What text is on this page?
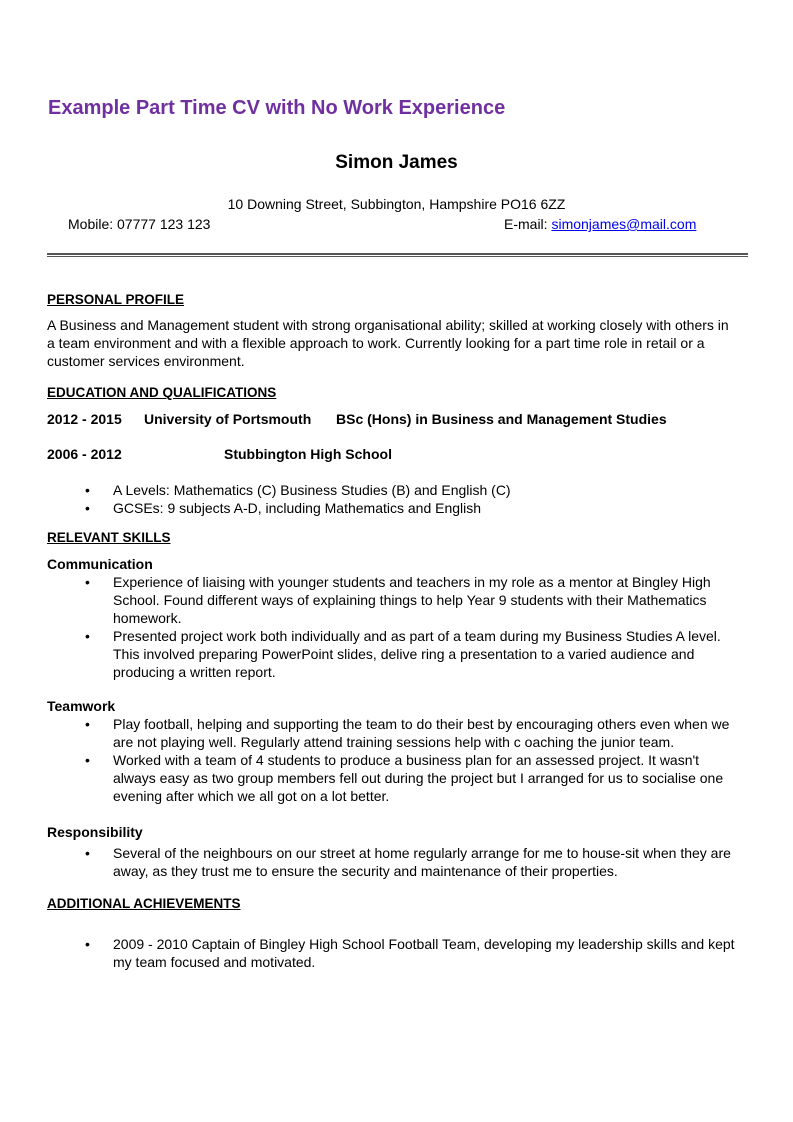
Example Part Time CV with No Work Experience
Simon James
10 Downing Street, Subbington, Hampshire PO16 6ZZ
Mobile: 07777 123 123	E-mail: simonjames@mail.com
PERSONAL PROFILE

A Business and Management student with strong organisational ability; skilled at working closely with others in a team environment and with a flexible approach to work. Currently looking for a part time role in retail or a customer services environment.

EDUCATION AND QUALIFICATIONS
2012 - 2015 University of Portsmouth BSc (Hons) in Business and Management Studies
2006 - 2012	Stubbington High School
• A Levels: Mathematics (C) Business Studies (B) and English (C)
• GCSEs: 9 subjects A-D, including Mathematics and English
RELEVANT SKILLS
Communication
• Experience of liaising with younger students and teachers in my role as a mentor at Bingley High School. Found different ways of explaining things to help Year 9 students with their Mathematics homework.
• Presented project work both individually and as part of a team during my Business Studies A level. This involved preparing PowerPoint slides, delive ring a presentation to a varied audience and producing a written report.
Teamwork
• Play football, helping and supporting the team to do their best by encouraging others even when we are not playing well. Regularly attend training sessions help with c oaching the junior team.
• Worked with a team of 4 students to produce a business plan for an assessed project. It wasn't always easy as two group members fell out during the project but I arranged for us to socialise one evening after which we all got on a lot better.
Responsibility
• Several of the neighbours on our street at home regularly arrange for me to house-sit when they are away, as they trust me to ensure the security and maintenance of their properties.
ADDITIONAL ACHIEVEMENTS
• 2009 - 2010 Captain of Bingley High School Football Team, developing my leadership skills and kept my team focused and motivated.
